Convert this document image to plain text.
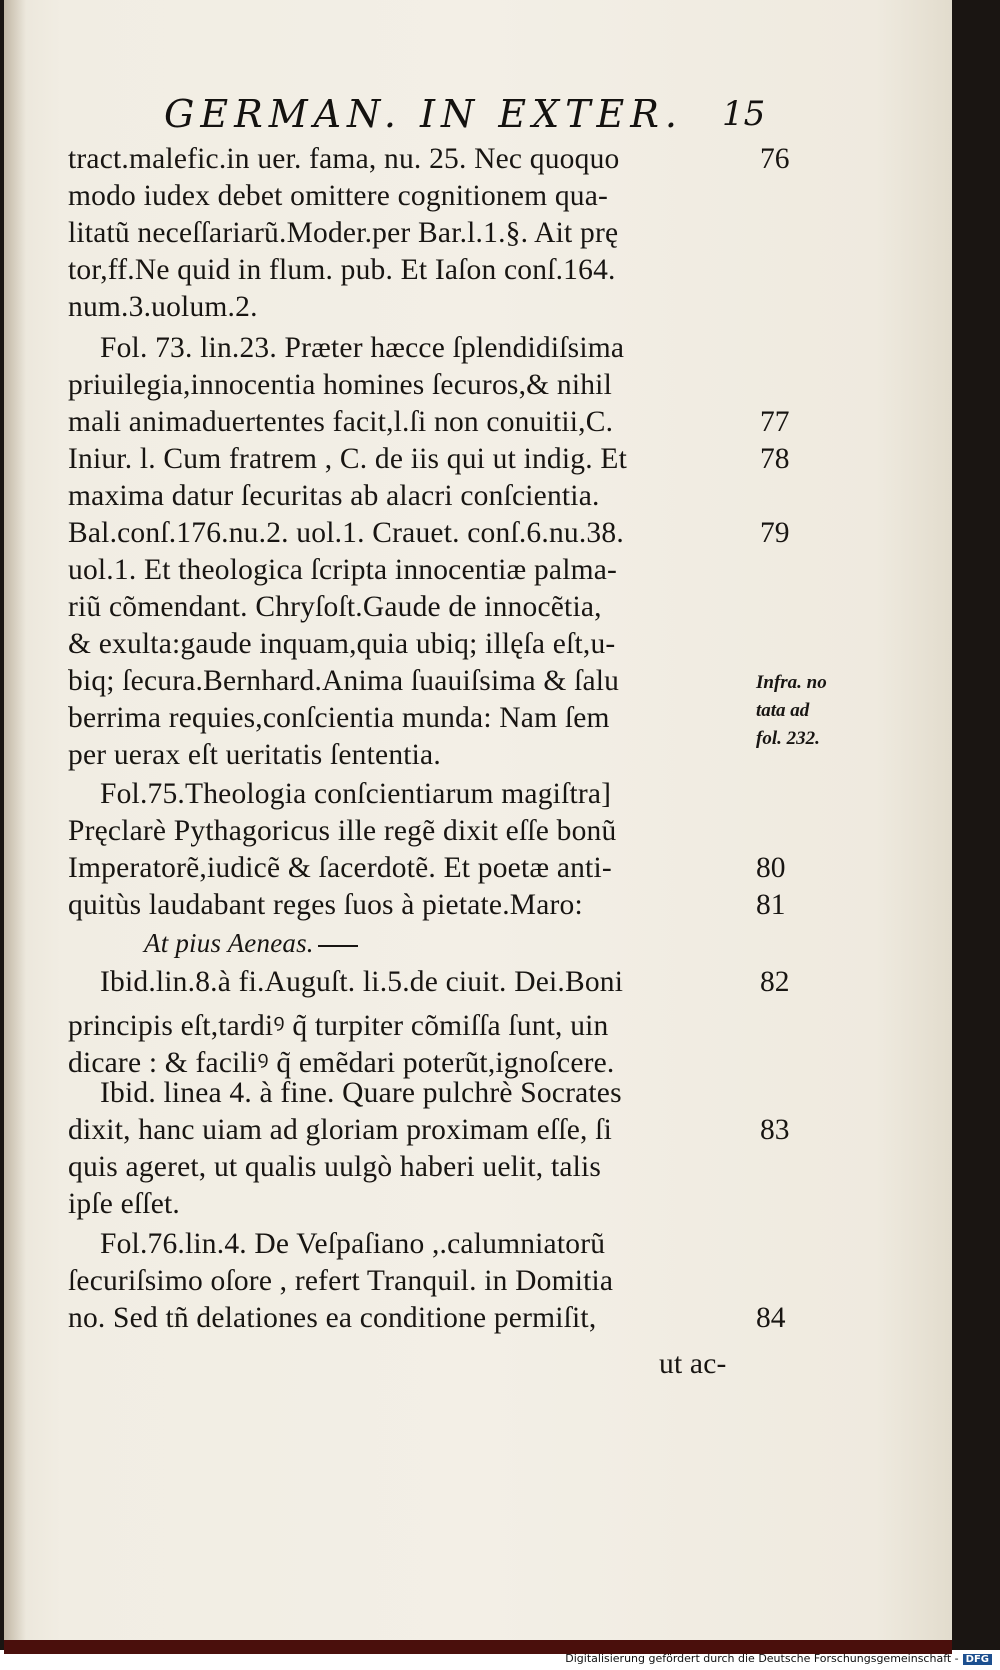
GERMAN. IN EXTER. 15
tract.malefic.in uer. fama, nu. 25. Nec quoquo
modo iudex debet omittere cognitionem qua-
litatũ neceſſariarũ.Moder.per Bar.l.1.§. Ait prę
tor,ff.Ne quid in flum. pub. Et Iaſon conſ.164.
num.3.uolum.2.
Fol. 73. lin.23. Præter hæcce ſplendidiſsima
priuilegia,innocentia homines ſecuros,& nihil
mali animaduertentes facit,l.ſi non conuitii,C.
Iniur. l. Cum fratrem , C. de iis qui ut indig. Et
maxima datur ſecuritas ab alacri conſcientia.
Bal.conſ.176.nu.2. uol.1. Crauet. conſ.6.nu.38.
uol.1. Et theologica ſcripta innocentiæ palma-
riũ cõmendant. Chryſoſt.Gaude de innocẽtia,
& exulta:gaude inquam,quia ubiq; illęſa eſt,u-
biq; ſecura.Bernhard.Anima ſuauiſsima & ſalu
berrima requies,conſcientia munda: Nam ſem
per uerax eſt ueritatis ſententia.
Fol.75.Theologia conſcientiarum magiſtra]
Pręclarè Pythagoricus ille regẽ dixit eſſe bonũ
Imperatorẽ,iudicẽ & ſacerdotẽ. Et poetæ anti-
quitùs laudabant reges ſuos à pietate.Maro:
At pius Aeneas.
Ibid.lin.8.à fi.Auguſt. li.5.de ciuit. Dei.Boni
principis eſt,tardiꝰ q̃ turpiter cõmiſſa ſunt, uin
dicare : & faciliꝰ q̃ emẽdari poterũt,ignoſcere.
Ibid. linea 4. à fine. Quare pulchrè Socrates
dixit, hanc uiam ad gloriam proximam eſſe, ſi
quis ageret, ut qualis uulgò haberi uelit, talis
ipſe eſſet.
Fol.76.lin.4. De Veſpaſiano ,.calumniatorũ
ſecuriſsimo oſore , refert Tranquil. in Domitia
no. Sed tñ delationes ea conditione permiſit,
ut ac-
76
77
78
79
80
81
82
83
84
Infra. no
tata ad
fol. 232.
Digitalisierung gefördert durch die Deutsche Forschungsgemeinschaft - DFG
